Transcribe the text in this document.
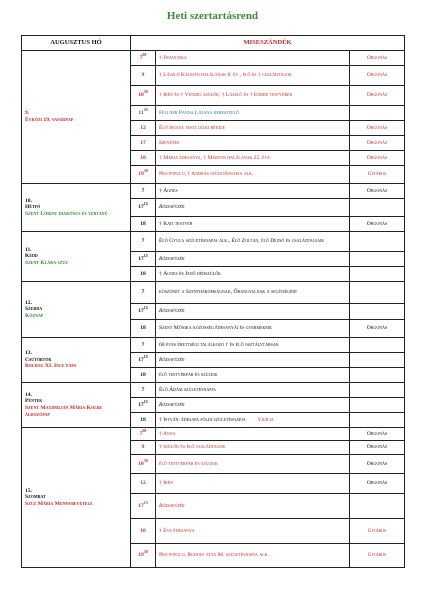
Heti szertartásrend
AUGUSZTUS HÓ	MISESZÁNDÉK		

9.
Évközi 19. vasárnap	$7^{00}$	† Franciska	Orgonás
	9	† László Kálmán halálának 8. év., élő és † családtagok	Orgonás
	$10^{30}$	† Irén és † Vendel szülők, † László és † Endre testvérek	Orgonás
	$11^{30}$	Fellner Panna Liliána keresztelő	
	12	Élő Ibolya testi lelki békéje	Orgonás
	17	Szentóra	Orgonás
	18	† Mária édesanya, † Márton halálának 25. évf.	Orgonás
	$19^{30}$	Pro populo, † András születésnapja alk.	Gitáros

10.
Hétfő
Szent Lőrinc diakónus és vértanú	7	† Ágnes	Orgonás
	$17^{15}$	Rózsafüzér	
	18	† Kati testvér	Orgonás

11.
Kedd
Szent Klára szűz	7	Élő Gyula születésnapja alk., Élő Zoltán, élő Dezső és családtagjaik	
	$17^{15}$	Rózsafüzér	
	18	† Ágnes és Jenő dédszülők	

12.
Szerda
Köznap	7	köszönet a Szentháromságnak, Őrangyalnak a segítségért	
	$17^{15}$	Rózsafüzér	
	18	Szent Mónika közösség édesanyái és gyermekeik	Orgonás

13.
Csütörtök
Boldog XI. Ince pápa	7	60 éves érettségi találkozó † és élő osztálytársak	
	$17^{15}$	Rózsafüzér	
	18	élő testvérpár és szüleik	

14.
Péntek
Szent Maximilián Mária Kolbe áldozópap	7	Élő Ádám születésnapja	
	$17^{15}$	Rózsafüzér	
	18	† István: édesapa földi születésnapja Vigília	

15.
Szombat
Szűz Mária Mennybevétele	$7^{00}$	† Anna	Orgonás
	9	† szülők és élő családtagok	Orgonás
	$10^{30}$	élő testvérpár és szüleik	Orgonás
	12	† Irén	Orgonás
	$17^{15}$	Rózsafüzér	
	18	† Éva édesanya	Gitáros
	$19^{30}$	Pro populo, Rudolf atya 88. születésnapja alk.	Gitáros
